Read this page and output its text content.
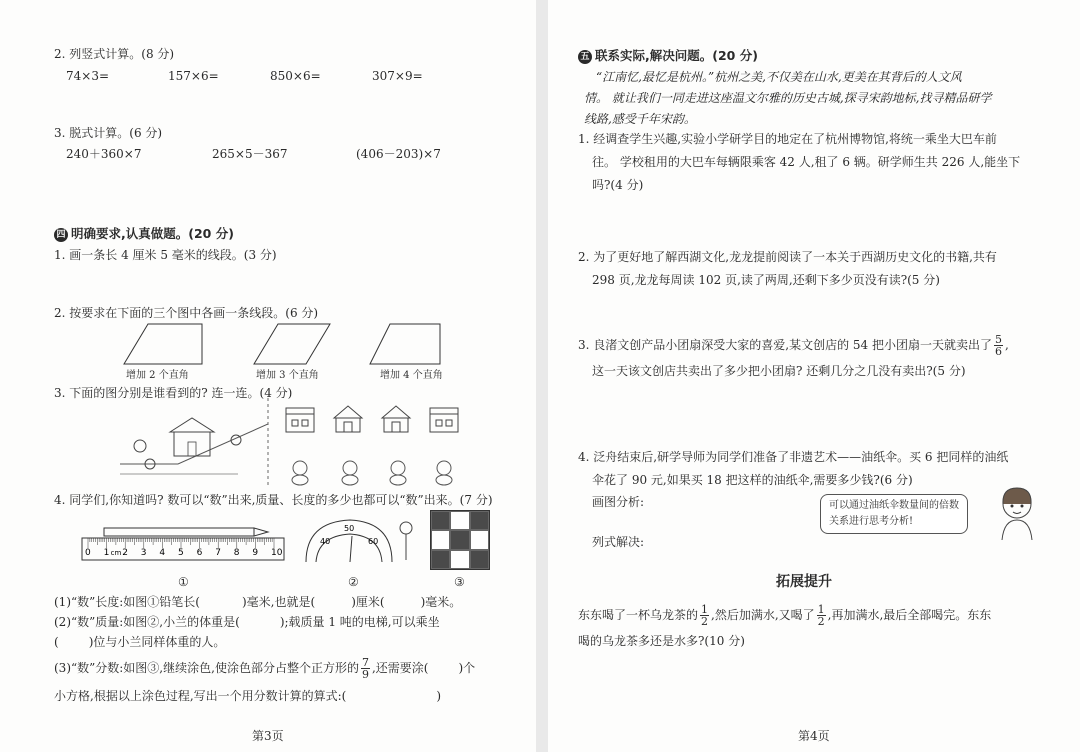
2. 列竖式计算。(8 分)
74×3=	157×6=	850×6=	307×9=
3. 脱式计算。(6 分)
240＋360×7	265×5－367	(406－203)×7
四 明确要求,认真做题。(20 分)
1. 画一条长 4 厘米 5 毫米的线段。(3 分)
2. 按要求在下面的三个图中各画一条线段。(6 分)
增加 2 个直角	增加 3 个直角	增加 4 个直角
3. 下面的图分别是谁看到的? 连一连。(4 分)
4. 同学们,你知道吗? 数可以“数”出来,质量、长度的多少也都可以“数”出来。(7 分)
0 1 2 3 4 5 6 7 8 9 10
cm
40
50
60
①	②	③
(1)“数”长度:如图①铅笔长(	)毫米,也就是(	)厘米(	)毫米。
(2)“数”质量:如图②,小兰的体重是(	);载质量 1 吨的电梯,可以乘坐
(	)位与小兰同样体重的人。
(3)“数”分数:如图③,继续涂色,使涂色部分占整个正方形的 $\frac{7}{9}$ ,还需要涂(	)个
小方格,根据以上涂色过程,写出一个用分数计算的算式:(	)
第3页
五 联系实际,解决问题。(20 分)
“江南忆,最忆是杭州。”杭州之美,不仅美在山水,更美在其背后的人文风
情。 就让我们一同走进这座温文尔雅的历史古城,探寻宋韵地标,找寻精品研学
线路,感受千年宋韵。
1. 经调查学生兴趣,实验小学研学目的地定在了杭州博物馆,将统一乘坐大巴车前
往。 学校租用的大巴车每辆限乘客 42 人,租了 6 辆。研学师生共 226 人,能坐下
吗?(4 分)
2. 为了更好地了解西湖文化,龙龙提前阅读了一本关于西湖历史文化的书籍,共有
298 页,龙龙每周读 102 页,读了两周,还剩下多少页没有读?(5 分)
3. 良渚文创产品小团扇深受大家的喜爱,某文创店的 54 把小团扇一天就卖出了 $\frac{5}{6}$ ,
这一天该文创店共卖出了多少把小团扇? 还剩几分之几没有卖出?(5 分)
4. 泛舟结束后,研学导师为同学们准备了非遗艺术——油纸伞。买 6 把同样的油纸
伞花了 90 元,如果买 18 把这样的油纸伞,需要多少钱?(6 分)
画图分析:	可以通过油纸伞数量间的倍数
关系进行思考分析!
列式解决:
拓展提升
东东喝了一杯乌龙茶的 $\frac{1}{2}$ ,然后加满水,又喝了 $\frac{1}{2}$ ,再加满水,最后全部喝完。东东
喝的乌龙茶多还是水多?(10 分)
第4页
